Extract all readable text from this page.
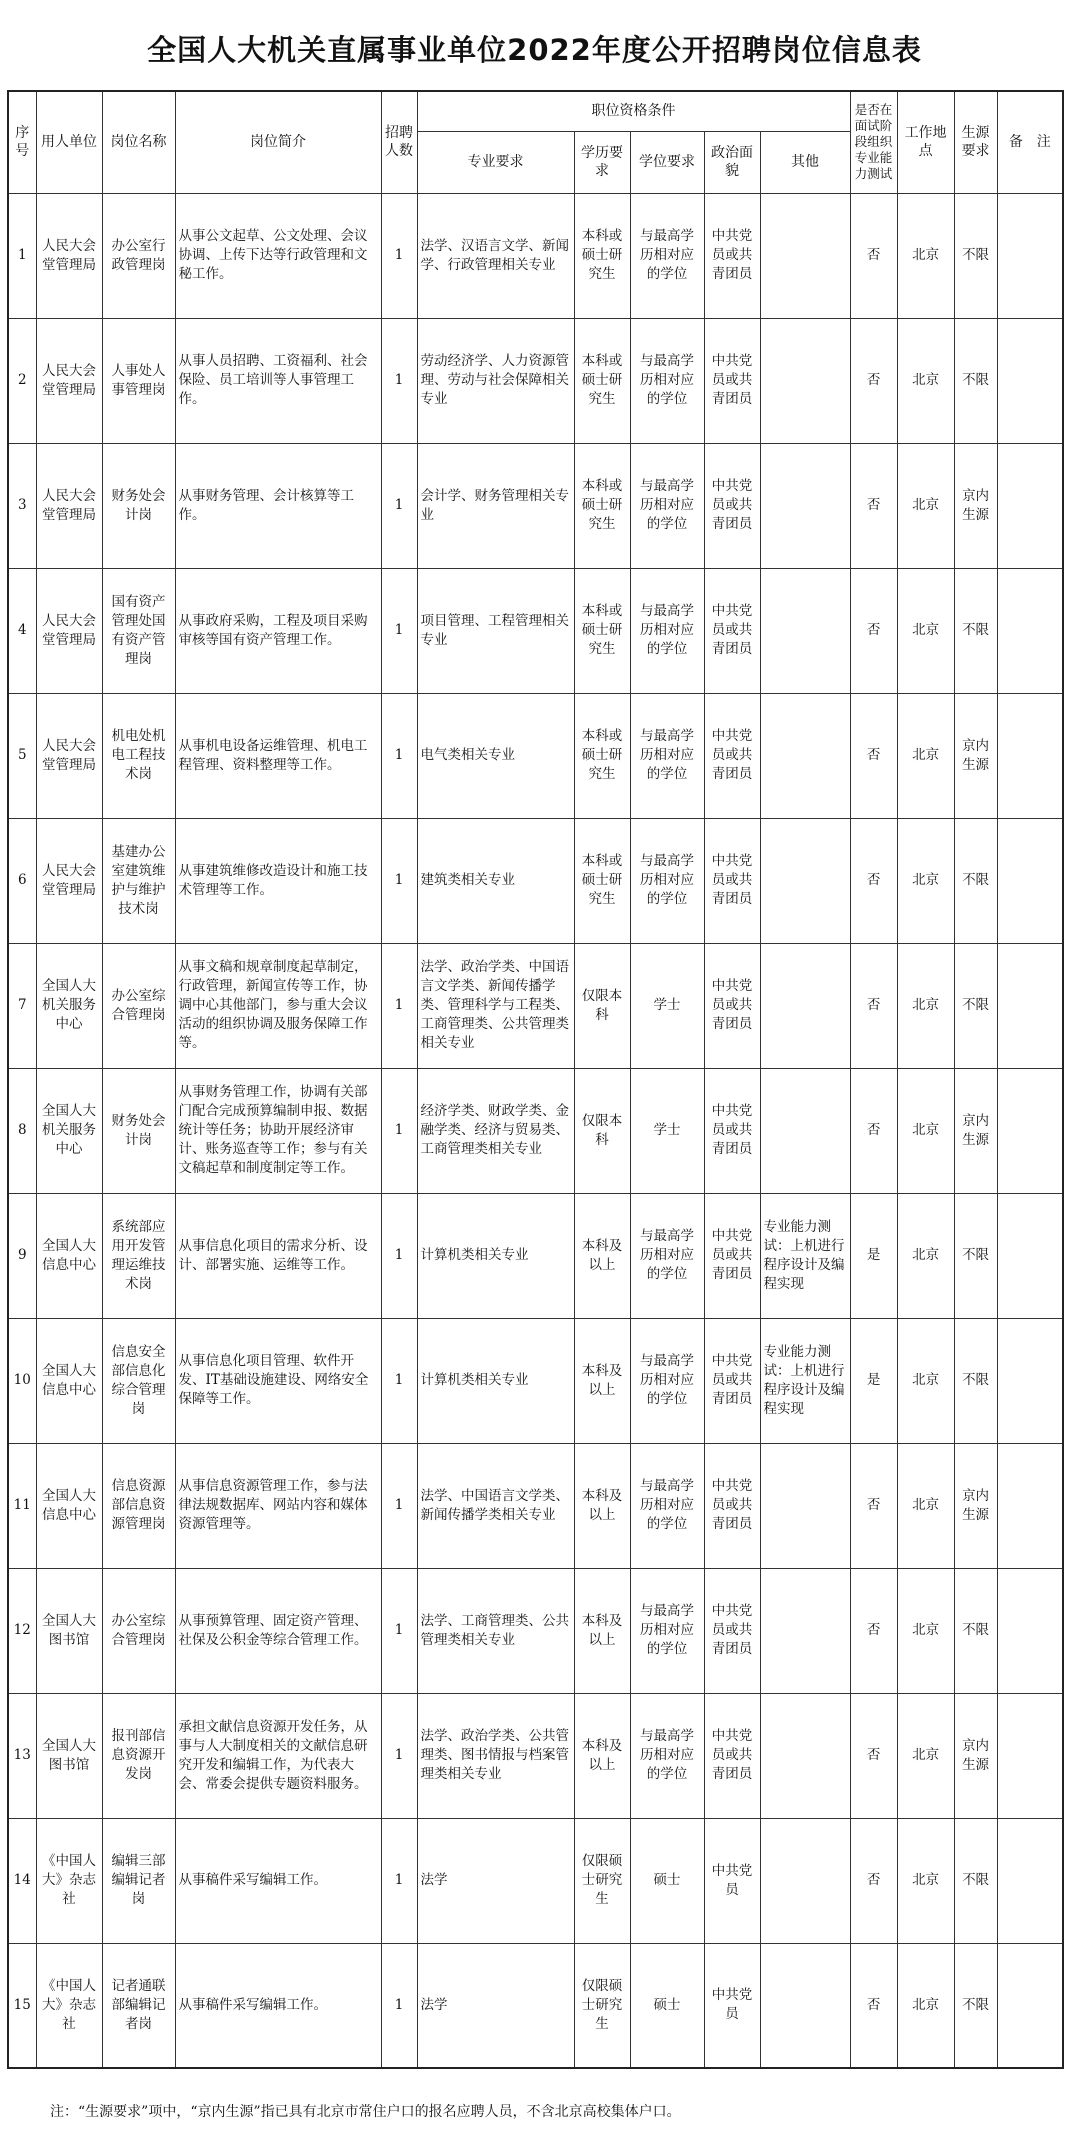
全国人大机关直属事业单位2022年度公开招聘岗位信息表
序号	用人单位	岗位名称	岗位简介	招聘人数	职位资格条件					是否在面试阶段组织专业能力测试	工作地点	生源要求	备　注
					专业要求	学历要求	学位要求	政治面貌	其他				
1	人民大会堂管理局	办公室行政管理岗	从事公文起草、公文处理、会议协调、上传下达等行政管理和文秘工作。	1	法学、汉语言文学、新闻学、行政管理相关专业	本科或硕士研究生	与最高学历相对应的学位	中共党员或共青团员		否	北京	不限	
2	人民大会堂管理局	人事处人事管理岗	从事人员招聘、工资福利、社会保险、员工培训等人事管理工作。	1	劳动经济学、人力资源管理、劳动与社会保障相关专业	本科或硕士研究生	与最高学历相对应的学位	中共党员或共青团员		否	北京	不限	
3	人民大会堂管理局	财务处会计岗	从事财务管理、会计核算等工作。	1	会计学、财务管理相关专业	本科或硕士研究生	与最高学历相对应的学位	中共党员或共青团员		否	北京	京内生源	
4	人民大会堂管理局	国有资产管理处国有资产管理岗	从事政府采购，工程及项目采购审核等国有资产管理工作。	1	项目管理、工程管理相关专业	本科或硕士研究生	与最高学历相对应的学位	中共党员或共青团员		否	北京	不限	
5	人民大会堂管理局	机电处机电工程技术岗	从事机电设备运维管理、机电工程管理、资料整理等工作。	1	电气类相关专业	本科或硕士研究生	与最高学历相对应的学位	中共党员或共青团员		否	北京	京内生源	
6	人民大会堂管理局	基建办公室建筑维护与维护技术岗	从事建筑维修改造设计和施工技术管理等工作。	1	建筑类相关专业	本科或硕士研究生	与最高学历相对应的学位	中共党员或共青团员		否	北京	不限	
7	全国人大机关服务中心	办公室综合管理岗	从事文稿和规章制度起草制定，行政管理，新闻宣传等工作，协调中心其他部门，参与重大会议活动的组织协调及服务保障工作等。	1	法学、政治学类、中国语言文学类、新闻传播学类、管理科学与工程类、工商管理类、公共管理类相关专业	仅限本科	学士	中共党员或共青团员		否	北京	不限	
8	全国人大机关服务中心	财务处会计岗	从事财务管理工作，协调有关部门配合完成预算编制申报、数据统计等任务；协助开展经济审计、账务巡查等工作；参与有关文稿起草和制度制定等工作。	1	经济学类、财政学类、金融学类、经济与贸易类、工商管理类相关专业	仅限本科	学士	中共党员或共青团员		否	北京	京内生源	
9	全国人大信息中心	系统部应用开发管理运维技术岗	从事信息化项目的需求分析、设计、部署实施、运维等工作。	1	计算机类相关专业	本科及以上	与最高学历相对应的学位	中共党员或共青团员	专业能力测试：上机进行程序设计及编程实现	是	北京	不限	
10	全国人大信息中心	信息安全部信息化综合管理岗	从事信息化项目管理、软件开发、IT基础设施建设、网络安全保障等工作。	1	计算机类相关专业	本科及以上	与最高学历相对应的学位	中共党员或共青团员	专业能力测试：上机进行程序设计及编程实现	是	北京	不限	
11	全国人大信息中心	信息资源部信息资源管理岗	从事信息资源管理工作，参与法律法规数据库、网站内容和媒体资源管理等。	1	法学、中国语言文学类、新闻传播学类相关专业	本科及以上	与最高学历相对应的学位	中共党员或共青团员		否	北京	京内生源	
12	全国人大图书馆	办公室综合管理岗	从事预算管理、固定资产管理、社保及公积金等综合管理工作。	1	法学、工商管理类、公共管理类相关专业	本科及以上	与最高学历相对应的学位	中共党员或共青团员		否	北京	不限	
13	全国人大图书馆	报刊部信息资源开发岗	承担文献信息资源开发任务，从事与人大制度相关的文献信息研究开发和编辑工作，为代表大会、常委会提供专题资料服务。	1	法学、政治学类、公共管理类、图书情报与档案管理类相关专业	本科及以上	与最高学历相对应的学位	中共党员或共青团员		否	北京	京内生源	
14	《中国人大》杂志社	编辑三部编辑记者岗	从事稿件采写编辑工作。	1	法学	仅限硕士研究生	硕士	中共党员		否	北京	不限	
15	《中国人大》杂志社	记者通联部编辑记者岗	从事稿件采写编辑工作。	1	法学	仅限硕士研究生	硕士	中共党员		否	北京	不限	
注：“生源要求”项中，“京内生源”指已具有北京市常住户口的报名应聘人员，不含北京高校集体户口。
